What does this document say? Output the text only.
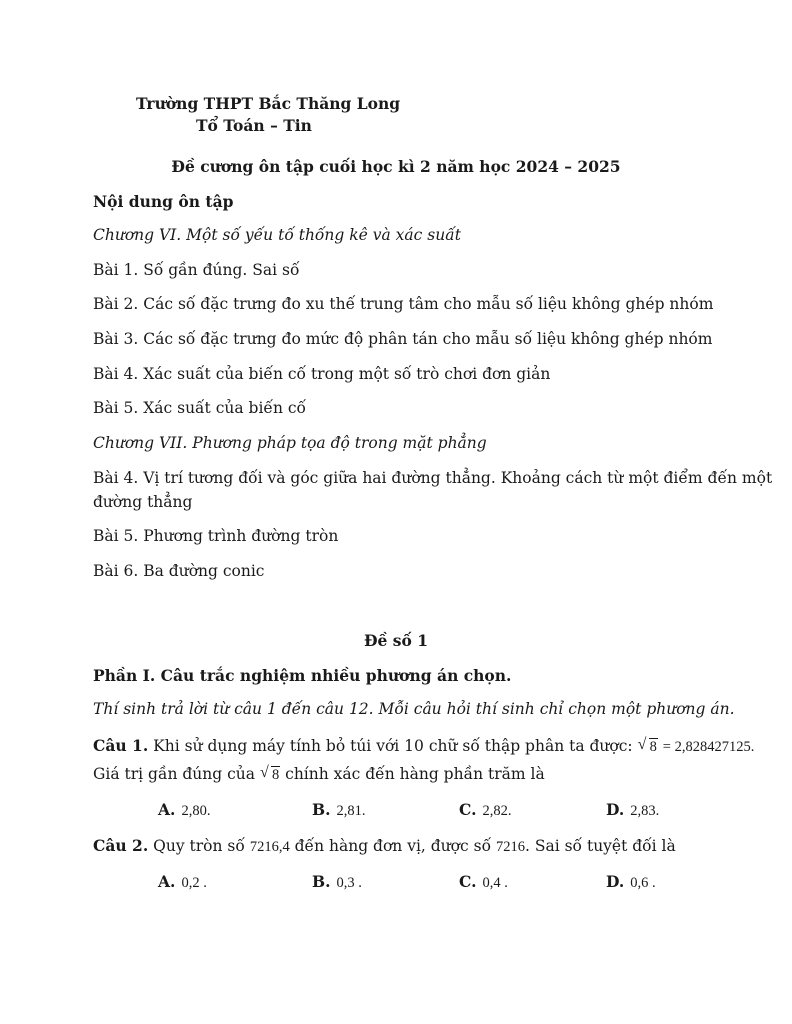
Trường THPT Bắc Thăng Long
Tổ Toán – Tin
Đề cương ôn tập cuối học kì 2 năm học 2024 – 2025
Nội dung ôn tập
Chương VI. Một số yếu tố thống kê và xác suất
Bài 1. Số gần đúng. Sai số
Bài 2. Các số đặc trưng đo xu thế trung tâm cho mẫu số liệu không ghép nhóm
Bài 3. Các số đặc trưng đo mức độ phân tán cho mẫu số liệu không ghép nhóm
Bài 4. Xác suất của biến cố trong một số trò chơi đơn giản
Bài 5. Xác suất của biến cố
Chương VII. Phương pháp tọa độ trong mặt phẳng
Bài 4. Vị trí tương đối và góc giữa hai đường thẳng. Khoảng cách từ một điểm đến một
đường thẳng
Bài 5. Phương trình đường tròn
Bài 6. Ba đường conic
Đề số 1
Phần I. Câu trắc nghiệm nhiều phương án chọn.
Thí sinh trả lời từ câu 1 đến câu 12. Mỗi câu hỏi thí sinh chỉ chọn một phương án.
Câu 1. Khi sử dụng máy tính bỏ túi với 10 chữ số thập phân ta được: √ 8 = 2,828427125.
Giá trị gần đúng của √ 8 chính xác đến hàng phần trăm là
A. 2,80.	B. 2,81.	C. 2,82.	D. 2,83.
Câu 2. Quy tròn số 7216,4 đến hàng đơn vị, được số 7216. Sai số tuyệt đối là
A. 0,2 .	B. 0,3 .	C. 0,4 .	D. 0,6 .
